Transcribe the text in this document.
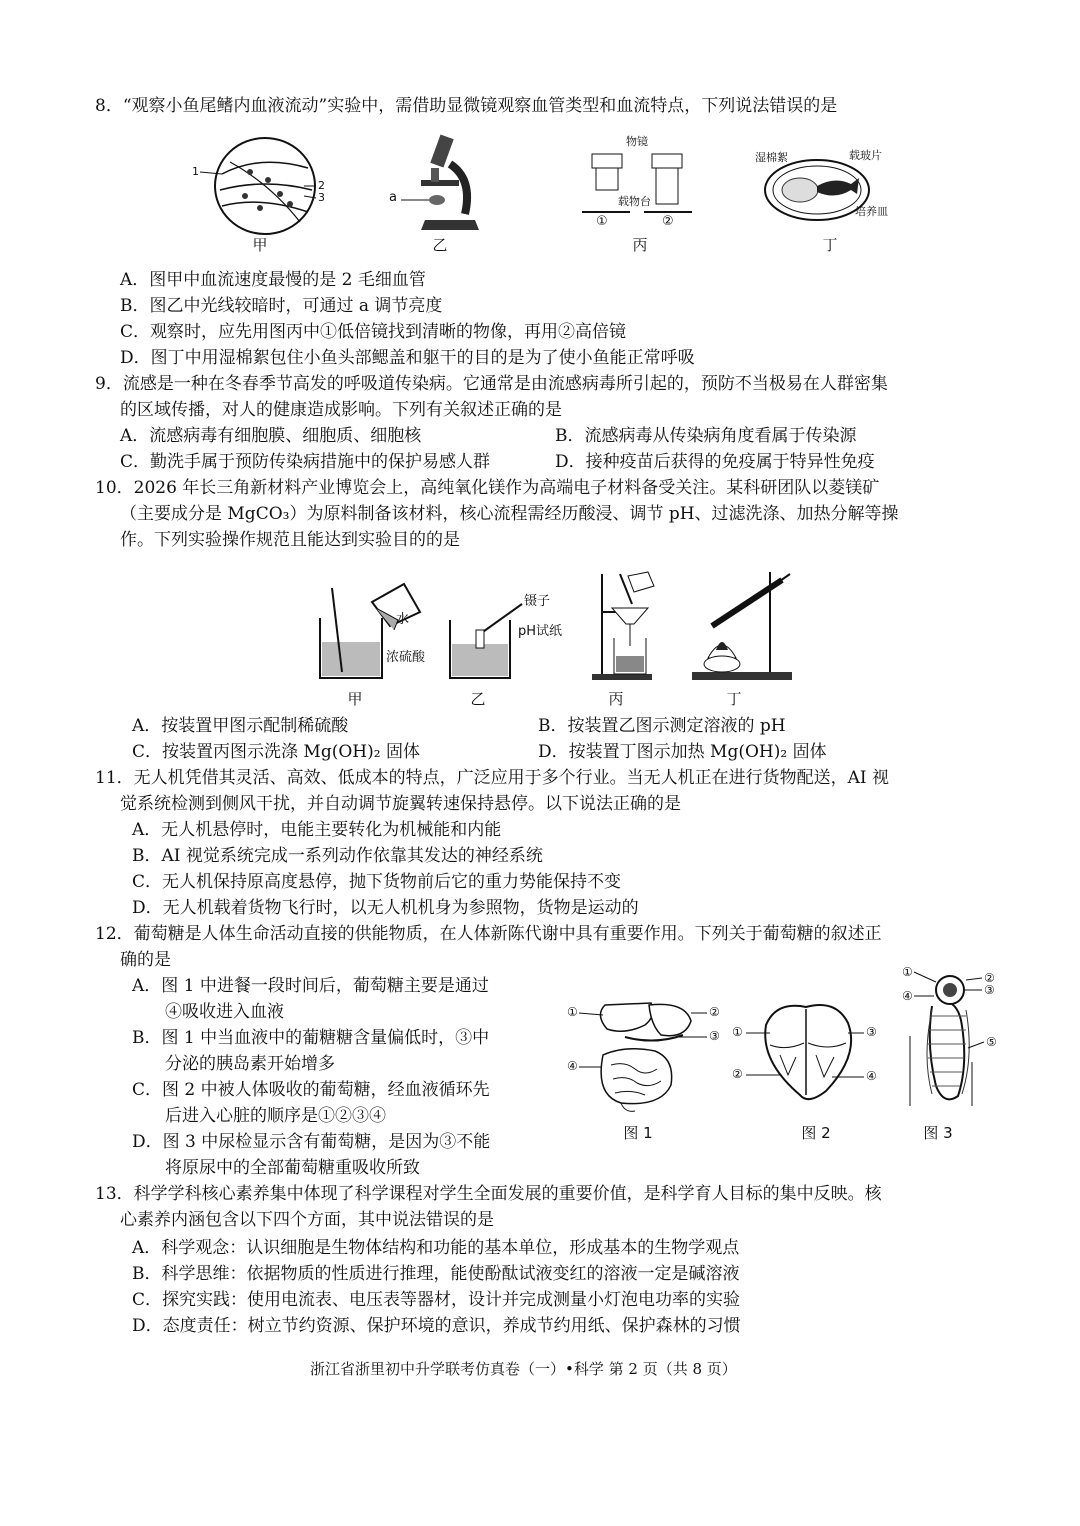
8．“观察小鱼尾鳍内血液流动”实验中，需借助显微镜观察血管类型和血流特点，下列说法错误的是
1
2
3
甲
a
乙
物镜
载物台
①	②
丙
湿棉絮	载玻片
培养皿
丁
A．图甲中血流速度最慢的是 2 毛细血管
B．图乙中光线较暗时，可通过 a 调节亮度
C．观察时，应先用图丙中①低倍镜找到清晰的物像，再用②高倍镜
D．图丁中用湿棉絮包住小鱼头部鳃盖和躯干的目的是为了使小鱼能正常呼吸
9．流感是一种在冬春季节高发的呼吸道传染病。它通常是由流感病毒所引起的，预防不当极易在人群密集
的区域传播，对人的健康造成影响。下列有关叙述正确的是
A．流感病毒有细胞膜、细胞质、细胞核	B．流感病毒从传染病角度看属于传染源
C．勤洗手属于预防传染病措施中的保护易感人群	D．接种疫苗后获得的免疫属于特异性免疫
10．2026 年长三角新材料产业博览会上，高纯氧化镁作为高端电子材料备受关注。某科研团队以菱镁矿
（主要成分是 MgCO₃）为原料制备该材料，核心流程需经历酸浸、调节 pH、过滤洗涤、加热分解等操
作。下列实验操作规范且能达到实验目的的是
水
浓硫酸
镊子
pH试纸
甲	乙	丙	丁
A．按装置甲图示配制稀硫酸	B．按装置乙图示测定溶液的 pH
C．按装置丙图示洗涤 Mg(OH)₂ 固体	D．按装置丁图示加热 Mg(OH)₂ 固体
11．无人机凭借其灵活、高效、低成本的特点，广泛应用于多个行业。当无人机正在进行货物配送，AI 视
觉系统检测到侧风干扰，并自动调节旋翼转速保持悬停。以下说法正确的是
A．无人机悬停时，电能主要转化为机械能和内能
B．AI 视觉系统完成一系列动作依靠其发达的神经系统
C．无人机保持原高度悬停，抛下货物前后它的重力势能保持不变
D．无人机载着货物飞行时，以无人机机身为参照物，货物是运动的
12．葡萄糖是人体生命活动直接的供能物质，在人体新陈代谢中具有重要作用。下列关于葡萄糖的叙述正
确的是
A．图 1 中进餐一段时间后，葡萄糖主要是通过
④吸收进入血液
B．图 1 中当血液中的葡糖糖含量偏低时，③中
分泌的胰岛素开始增多
C．图 2 中被人体吸收的葡萄糖，经血液循环先
后进入心脏的顺序是①②③④
D．图 3 中尿检显示含有葡萄糖，是因为③不能
将原尿中的全部葡萄糖重吸收所致
①	②
③
④
图 1
①
②
③
④
图 2
①	②
③
④
⑤
图 3
13．科学学科核心素养集中体现了科学课程对学生全面发展的重要价值，是科学育人目标的集中反映。核
心素养内涵包含以下四个方面，其中说法错误的是
A．科学观念：认识细胞是生物体结构和功能的基本单位，形成基本的生物学观点
B．科学思维：依据物质的性质进行推理，能使酚酞试液变红的溶液一定是碱溶液
C．探究实践：使用电流表、电压表等器材，设计并完成测量小灯泡电功率的实验
D．态度责任：树立节约资源、保护环境的意识，养成节约用纸、保护森林的习惯
浙江省浙里初中升学联考仿真卷（一）•科学 第 2 页（共 8 页）
